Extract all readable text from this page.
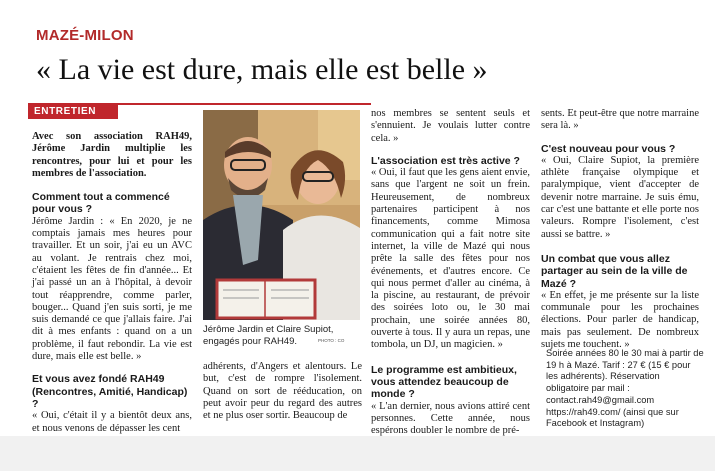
MAZÉ-MILON
« La vie est dure, mais elle est belle »
ENTRETIEN

Avec son association RAH49, Jérôme Jardin multiplie les rencontres, pour lui et pour les membres de l'association.

Comment tout a commencé pour vous ?

Jérôme Jardin : « En 2020, je ne comptais jamais mes heures pour travailler. Et un soir, j'ai eu un AVC au volant. Je rentrais chez moi, c'étaient les fêtes de fin d'année... Et j'ai passé un an à l'hôpital, à devoir tout réapprendre, comme parler, bouger... Quand j'en suis sorti, je me suis demandé ce que j'allais faire. J'ai dit à mes enfants : quand on a un problème, il faut rebondir. La vie est dure, mais elle est belle. »

Et vous avez fondé RAH49 (Rencontres, Amitié, Handicap) ?

« Oui, c'était il y a bientôt deux ans, et nous venons de dépasser les cent

Jérôme Jardin et Claire Supiot, engagés pour RAH49.	PHOTO : CO

adhérents, d'Angers et alentours. Le but, c'est de rompre l'isolement. Quand on sort de rééducation, on peut avoir peur du regard des autres et ne plus oser sortir. Beaucoup de

nos membres se sentent seuls et s'ennuient. Je voulais lutter contre cela. »

L'association est très active ?

« Oui, il faut que les gens aient envie, sans que l'argent ne soit un frein. Heureusement, de nombreux partenaires participent à nos financements, comme Mimosa communication qui a fait notre site internet, la ville de Mazé qui nous prête la salle des fêtes pour nos événements, et d'autres encore. Ce qui nous permet d'aller au cinéma, à la piscine, au restaurant, de prévoir des soirées loto ou, le 30 mai prochain, une soirée années 80, ouverte à tous. Il y aura un repas, une tombola, un DJ, un magicien. »

Le programme est ambitieux, vous attendez beaucoup de monde ?

« L'an dernier, nous avions attiré cent personnes. Cette année, nous espérons doubler le nombre de pré-

sents. Et peut-être que notre marraine sera là. »

C'est nouveau pour vous ?

« Oui, Claire Supiot, la première athlète française olympique et paralympique, vient d'accepter de devenir notre marraine. Je suis ému, car c'est une battante et elle porte nos valeurs. Rompre l'isolement, c'est aussi se battre. »

Un combat que vous allez partager au sein de la ville de Mazé ?

« En effet, je me présente sur la liste communale pour les prochaines élections. Pour parler de handicap, mais pas seulement. De nombreux sujets me touchent. »

Soirée années 80 le 30 mai à partir de 19 h à Mazé. Tarif : 27 € (15 € pour les adhérents). Réservation obligatoire par mail : contact.rah49@gmail.com https://rah49.com/ (ainsi que sur Facebook et Instagram)
